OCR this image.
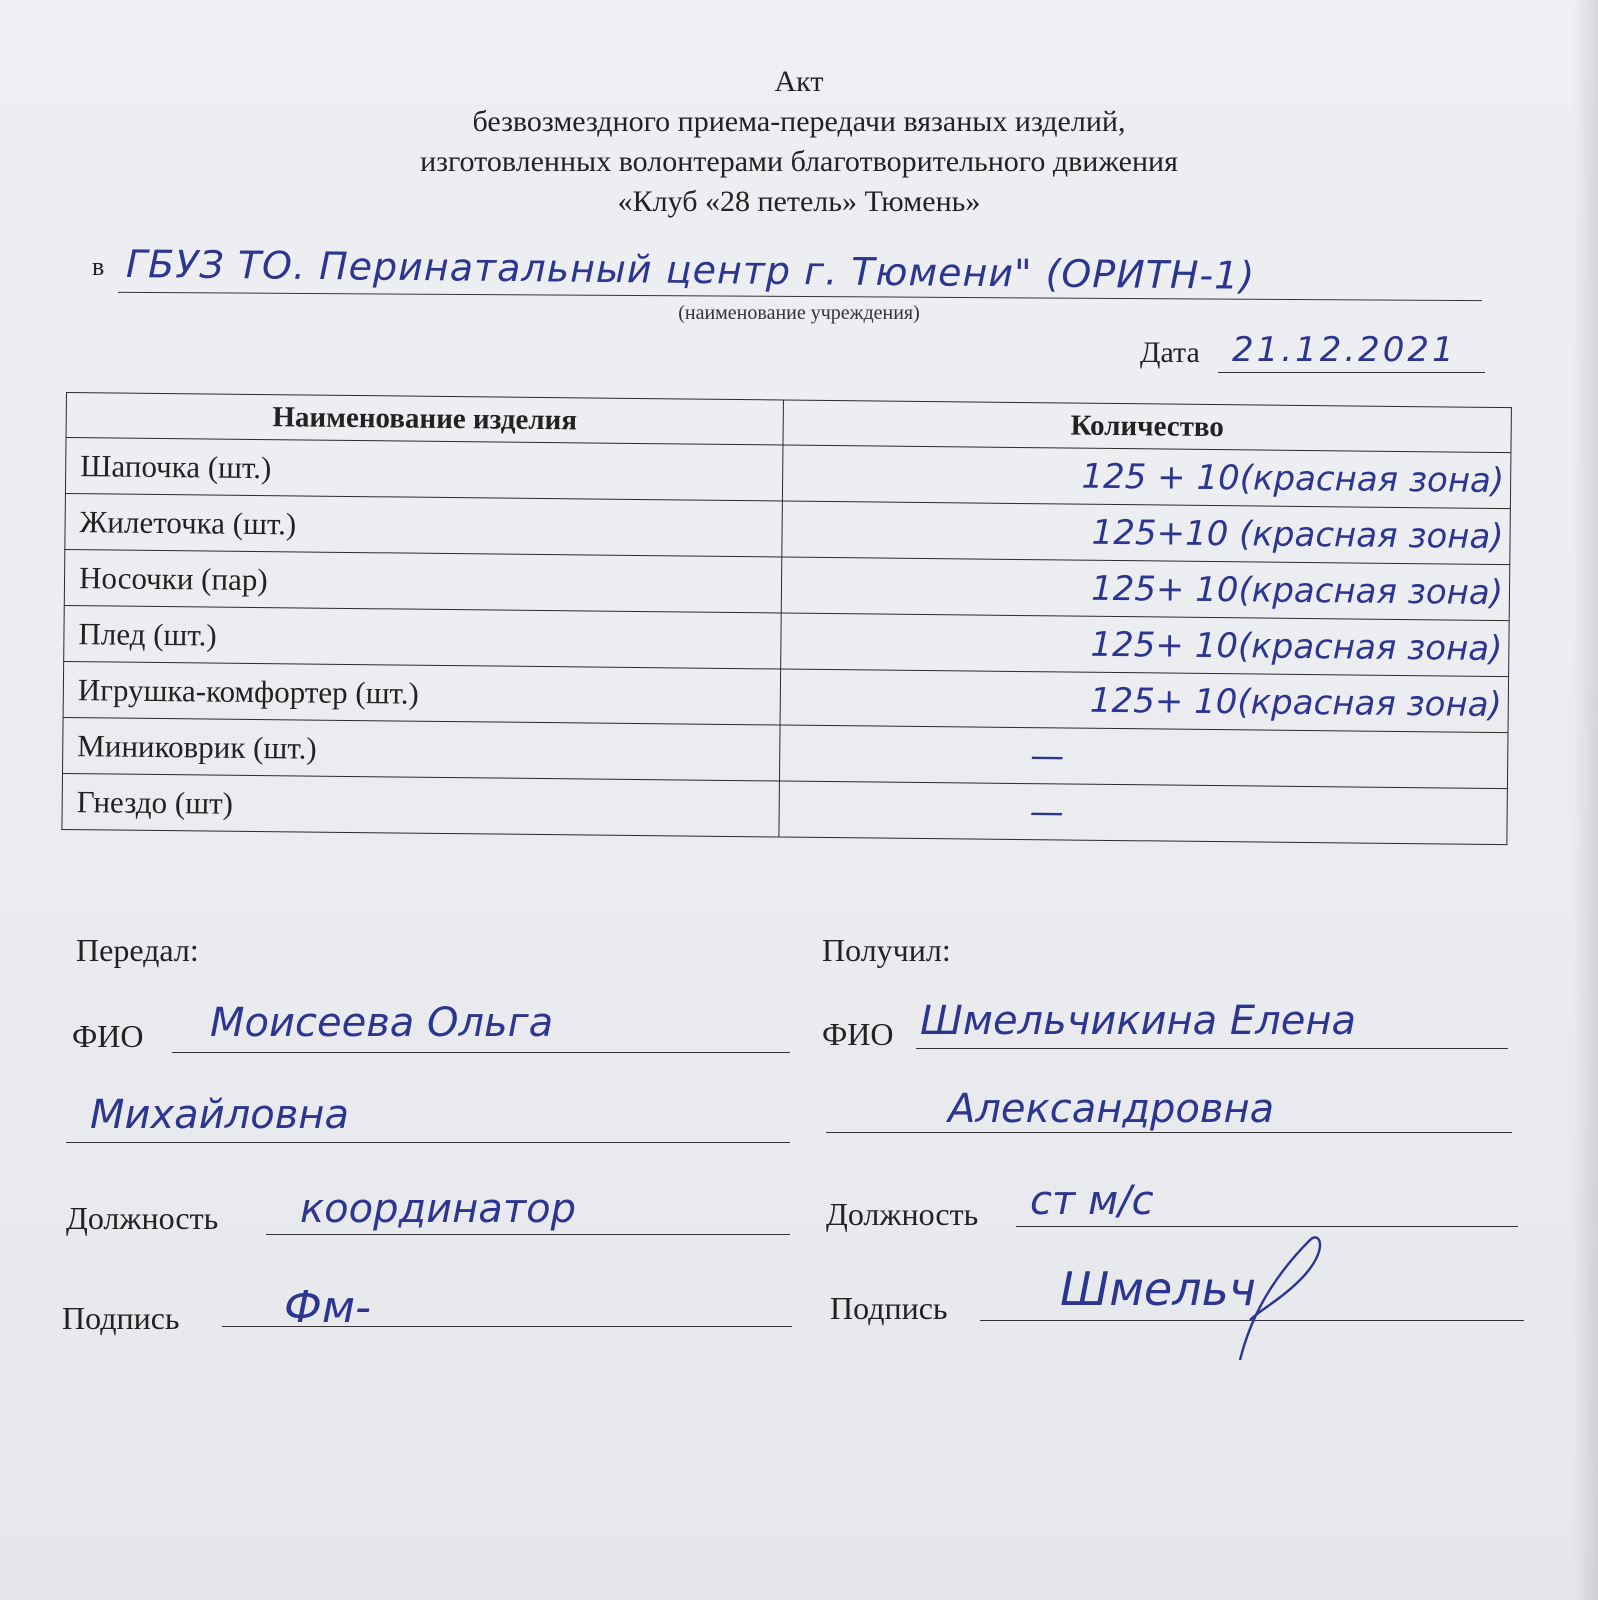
Акт
безвозмездного приема-передачи вязаных изделий,
изготовленных волонтерами благотворительного движения
«Клуб «28 петель» Тюмень»
в ГБУЗ ТО. Перинатальный центр г. Тюмени" (ОРИТН-1)
(наименование учреждения)
Дата 21.12.2021
Наименование изделия	Количество
Шапочка (шт.)	125 + 10(красная зона)
Жилеточка (шт.)	125+10 (красная зона)
Носочки (пар)	125+ 10(красная зона)
Плед (шт.)	125+ 10(красная зона)
Игрушка-комфортер (шт.)	125+ 10(красная зона)
Миниковрик (шт.)	—
Гнездо (шт)	—
Передал:
ФИО Моисеева Ольга
Михайловна
Должность координатор
Подпись Фм-
Получил:
ФИО Шмельчикина Елена
Александровна
Должность ст м/с
Подпись Шмельч
